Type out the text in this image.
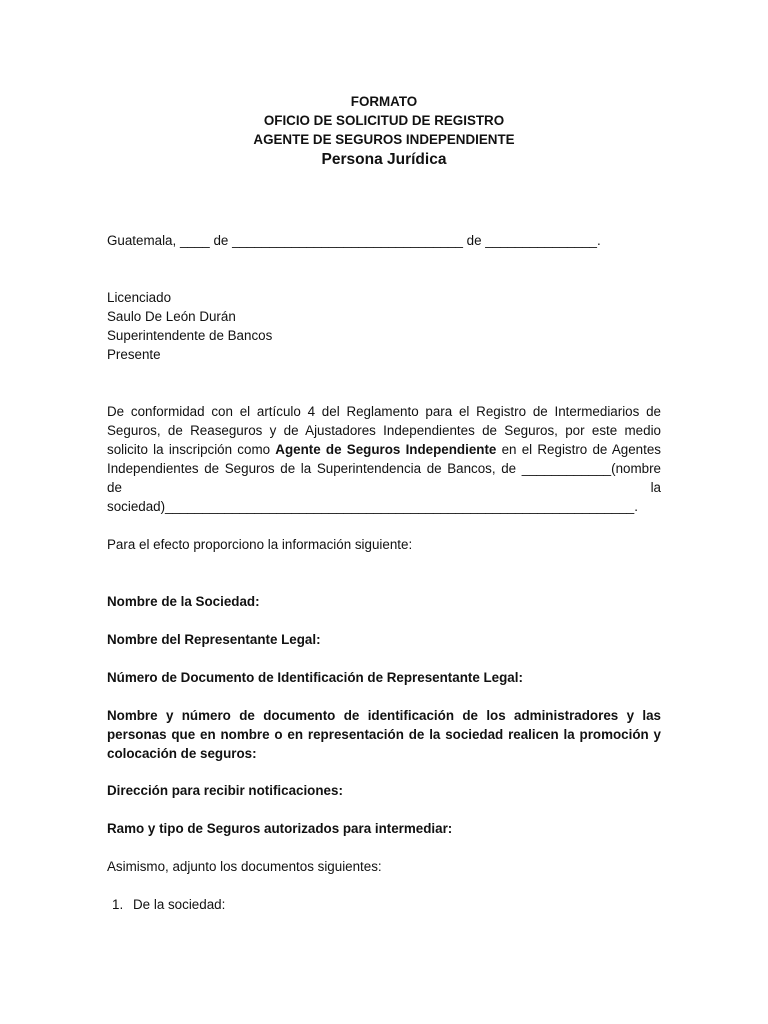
FORMATO
OFICIO DE SOLICITUD DE REGISTRO
AGENTE DE SEGUROS INDEPENDIENTE
Persona Jurídica
Guatemala, ____ de _______________________________ de _______________.
Licenciado
Saulo De León Durán
Superintendente de Bancos
Presente
De conformidad con el artículo 4 del Reglamento para el Registro de Intermediarios de
Seguros, de Reaseguros y de Ajustadores Independientes de Seguros, por este medio
solicito la inscripción como Agente de Seguros Independiente en el Registro de Agentes
Independientes de Seguros de la Superintendencia de Bancos, de ____________(nombre
de	la
sociedad)_______________________________________________________________.
Para el efecto proporciono la información siguiente:
Nombre de la Sociedad:
Nombre del Representante Legal:
Número de Documento de Identificación de Representante Legal:
Nombre y número de documento de identificación de los administradores y las
personas que en nombre o en representación de la sociedad realicen la promoción y
colocación de seguros:
Dirección para recibir notificaciones:
Ramo y tipo de Seguros autorizados para intermediar:
Asimismo, adjunto los documentos siguientes:
1. De la sociedad:
